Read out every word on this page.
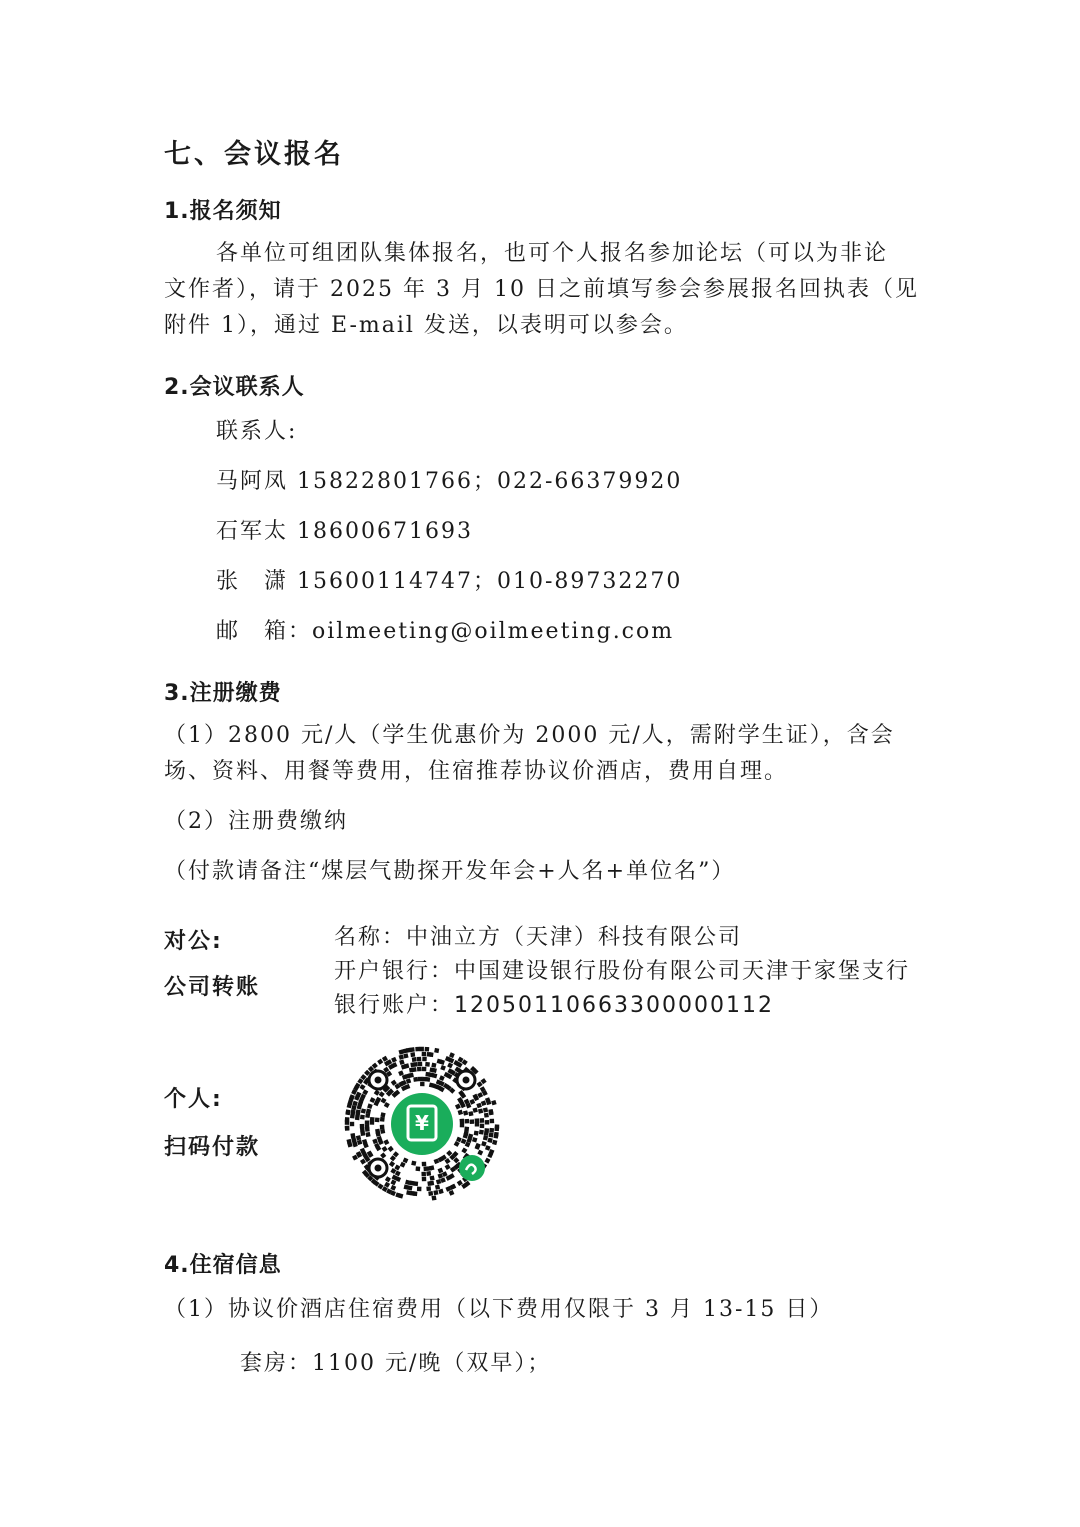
七、会议报名
1.报名须知
各单位可组团队集体报名，也可个人报名参加论坛（可以为非论
文作者），请于 2025 年 3 月 10 日之前填写参会参展报名回执表（见
附件 1），通过 E-mail 发送，以表明可以参会。
2.会议联系人
联系人:
马阿凤 15822801766；022-66379920
石军太 18600671693
张　潇 15600114747；010-89732270
邮　箱：oilmeeting@oilmeeting.com
3.注册缴费
（1）2800 元/人（学生优惠价为 2000 元/人，需附学生证），含会
场、资料、用餐等费用，住宿推荐协议价酒店，费用自理。
（2）注册费缴纳
（付款请备注“煤层气勘探开发年会+人名+单位名”）
对公:
公司转账
名称：中油立方（天津）科技有限公司
开户银行：中国建设银行股份有限公司天津于家堡支行
银行账户：12050110663300000112
个人:
扫码付款
¥
4.住宿信息
（1）协议价酒店住宿费用（以下费用仅限于 3 月 13-15 日）
套房：1100 元/晚（双早）；
